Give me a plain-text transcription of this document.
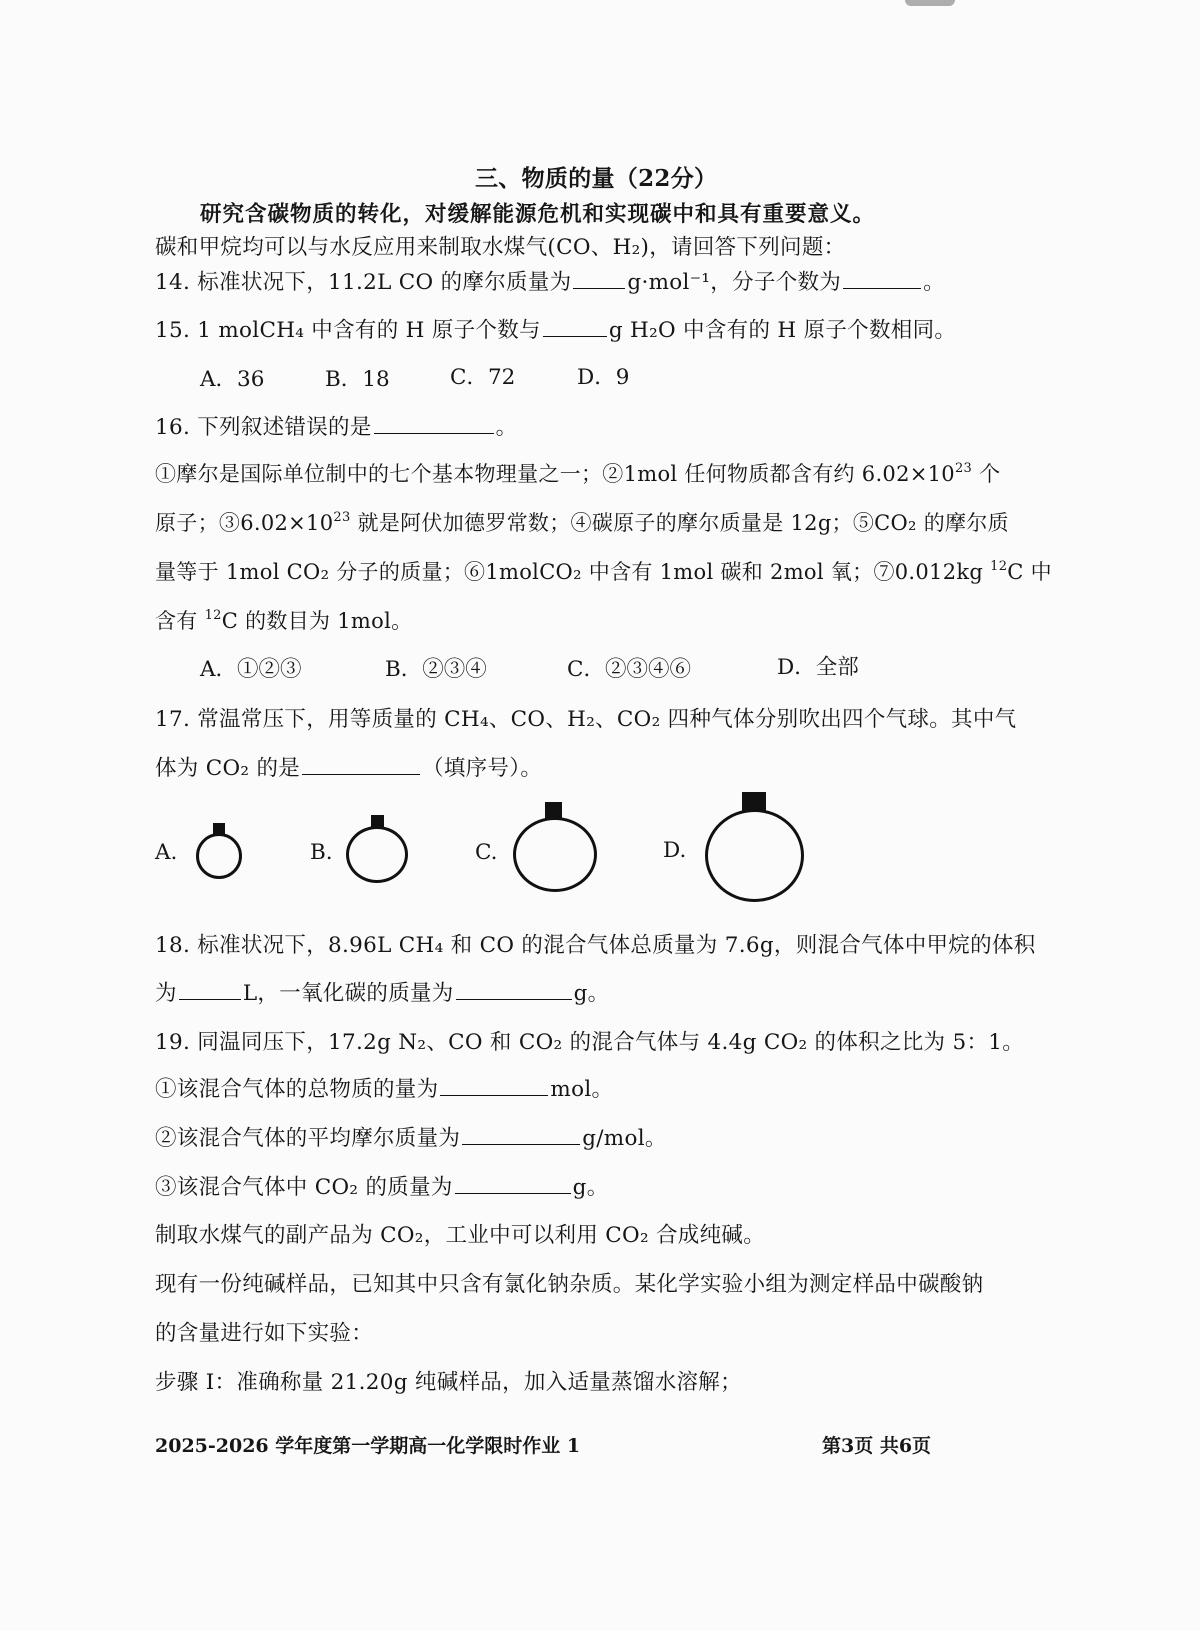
三、物质的量（22分）
研究含碳物质的转化，对缓解能源危机和实现碳中和具有重要意义。
碳和甲烷均可以与水反应用来制取水煤气(CO、H₂)，请回答下列问题：
14. 标准状况下，11.2L CO 的摩尔质量为	g·mol⁻¹，分子个数为	。
15. 1 molCH₄ 中含有的 H 原子个数与	g H₂O 中含有的 H 原子个数相同。
A．36	B．18	C．72	D．9
16. 下列叙述错误的是	。
①摩尔是国际单位制中的七个基本物理量之一；②1mol 任何物质都含有约 $6.02\times 10^{23}$ 个
原子；$③6.02\times 10^{23}$ 就是阿伏加德罗常数；④碳原子的摩尔质量是 12g；⑤CO₂ 的摩尔质
量等于 1mol CO₂ 分子的质量；⑥1molCO₂ 中含有 1mol 碳和 2mol 氧；⑦0.012kg $^{12}$C 中
含有 $^{12}$C 的数目为 1mol。
A．①②③	B．②③④	C．②③④⑥	D．全部
17. 常温常压下，用等质量的 CH₄、CO、H₂、CO₂ 四种气体分别吹出四个气球。其中气
体为 CO₂ 的是	（填序号）。
A.	B.	C.	D.
18. 标准状况下，8.96L CH₄ 和 CO 的混合气体总质量为 7.6g，则混合气体中甲烷的体积
为	L，一氧化碳的质量为	g。
19. 同温同压下，17.2g N₂、CO 和 CO₂ 的混合气体与 4.4g CO₂ 的体积之比为 5：1。
①该混合气体的总物质的量为	mol。
②该混合气体的平均摩尔质量为	g/mol。
③该混合气体中 CO₂ 的质量为	g。
制取水煤气的副产品为 CO₂，工业中可以利用 CO₂ 合成纯碱。
现有一份纯碱样品，已知其中只含有氯化钠杂质。某化学实验小组为测定样品中碳酸钠
的含量进行如下实验：
步骤 I：准确称量 21.20g 纯碱样品，加入适量蒸馏水溶解；
2025-2026 学年度第一学期高一化学限时作业 1	第3页 共6页
